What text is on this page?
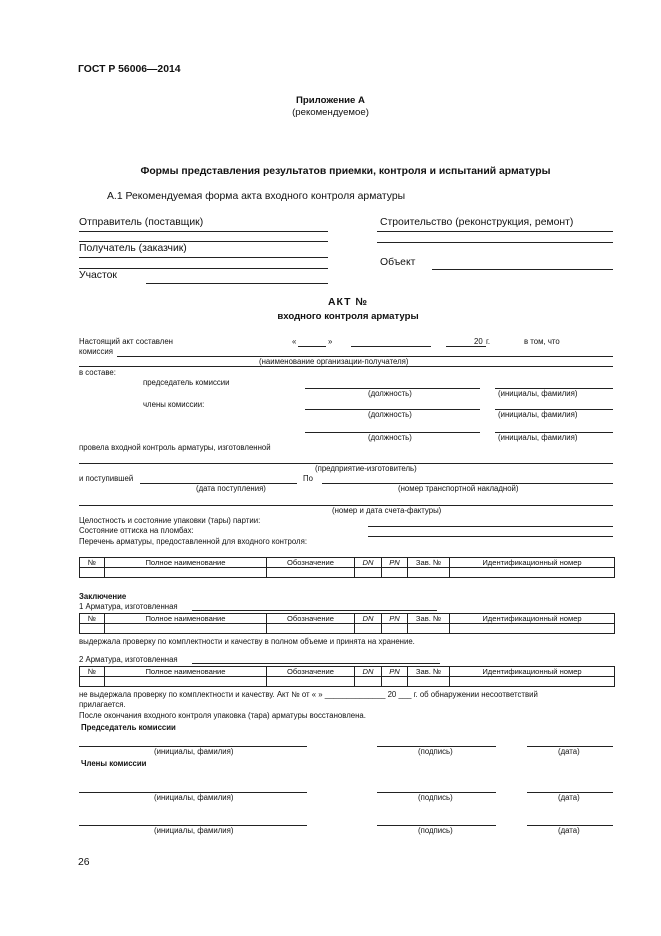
ГОСТ Р 56006—2014
Приложение А
(рекомендуемое)
Формы представления результатов приемки, контроля и испытаний арматуры
А.1 Рекомендуемая форма акта входного контроля арматуры
Отправитель (поставщик)	Строительство (реконструкция, ремонт)
Получатель (заказчик)
Объект
Участок
АКТ №
входного контроля арматуры
Настоящий акт составлен	«	»	20 г.	в том, что
комиссия
(наименование организации-получателя)
в составе:
председатель комиссии
(должность)	(инициалы, фамилия)
члены комиссии:
(должность)	(инициалы, фамилия)
(должность)	(инициалы, фамилия)
провела входной контроль арматуры, изготовленной
(предприятие-изготовитель)
и поступившей	По
(дата поступления)	(номер транспортной накладной)
(номер и дата счета-фактуры)
Целостность и состояние упаковки (тары) партии:
Состояние оттиска на пломбах:
Перечень арматуры, предоставленной для входного контроля:
№	Полное наименование	Обозначение	DN	PN	Зав. №	Идентификационный номер

Заключение
1 Арматура, изготовленная
№	Полное наименование	Обозначение	DN	PN	Зав. №	Идентификационный номер

выдержала проверку по комплектности и качеству в полном объеме и принята на хранение.
2 Арматура, изготовленная
№	Полное наименование	Обозначение	DN	PN	Зав. №	Идентификационный номер

не выдержала проверку по комплектности и качеству. Акт № от « » ______________ 20 ___ г. об обнаружении несоответствий
прилагается.
После окончания входного контроля упаковка (тара) арматуры восстановлена.
Председатель комиссии
(инициалы, фамилия)	(подпись)	(дата)
Члены комиссии
(инициалы, фамилия)	(подпись)	(дата)
(инициалы, фамилия)	(подпись)	(дата)
26
